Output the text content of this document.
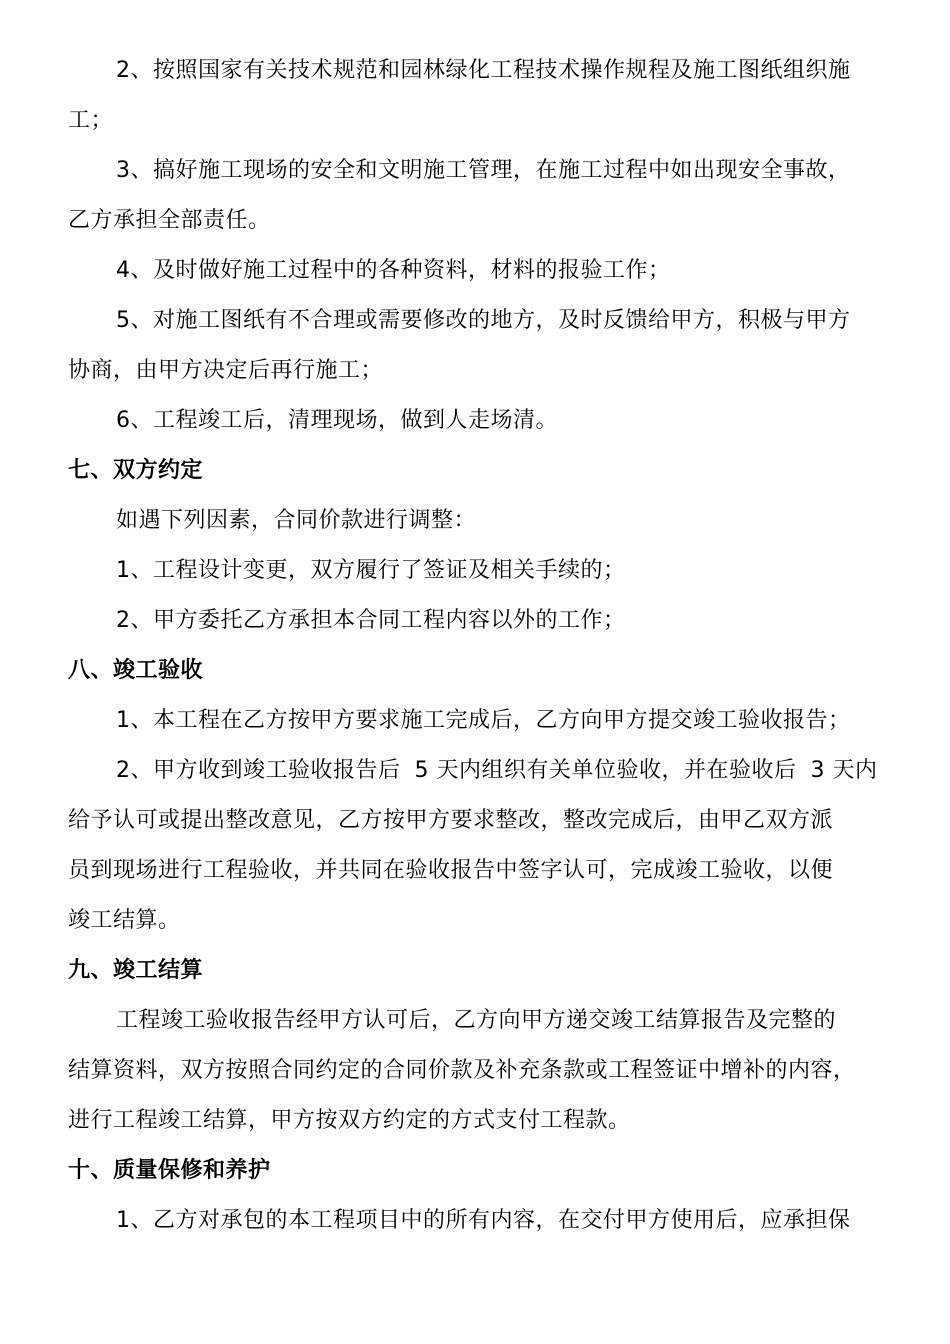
2、按照国家有关技术规范和园林绿化工程技术操作规程及施工图纸组织施

工；

3、搞好施工现场的安全和文明施工管理，在施工过程中如出现安全事故，

乙方承担全部责任。

4、及时做好施工过程中的各种资料，材料的报验工作；

5、对施工图纸有不合理或需要修改的地方，及时反馈给甲方，积极与甲方

协商，由甲方决定后再行施工；

6、工程竣工后，清理现场，做到人走场清。

七、双方约定

如遇下列因素，合同价款进行调整：

1、工程设计变更，双方履行了签证及相关手续的；

2、甲方委托乙方承担本合同工程内容以外的工作；

八、竣工验收

1、本工程在乙方按甲方要求施工完成后，乙方向甲方提交竣工验收报告；

2、甲方收到竣工验收报告后 5 天内组织有关单位验收，并在验收后 3 天内

给予认可或提出整改意见，乙方按甲方要求整改，整改完成后，由甲乙双方派

员到现场进行工程验收，并共同在验收报告中签字认可，完成竣工验收，以便

竣工结算。

九、竣工结算

工程竣工验收报告经甲方认可后，乙方向甲方递交竣工结算报告及完整的

结算资料，双方按照合同约定的合同价款及补充条款或工程签证中增补的内容，

进行工程竣工结算，甲方按双方约定的方式支付工程款。

十、质量保修和养护

1、乙方对承包的本工程项目中的所有内容，在交付甲方使用后，应承担保
